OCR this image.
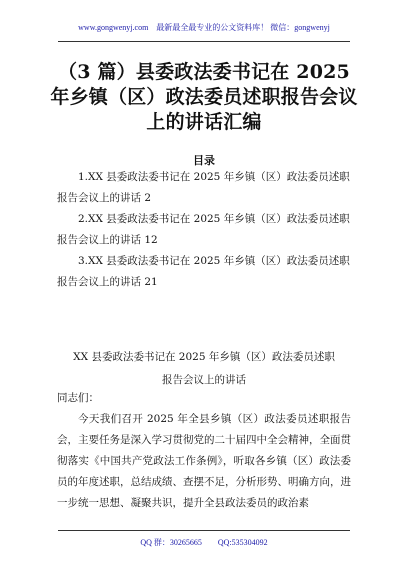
www.gongwenyj.com　最新最全最专业的公文资料库！ 微信：gongwenyj
（3 篇）县委政法委书记在 2025 年乡镇（区）政法委员述职报告会议上的讲话汇编
目录

1.XX 县委政法委书记在 2025 年乡镇（区）政法委员述职报告会议上的讲话 2

2.XX 县委政法委书记在 2025 年乡镇（区）政法委员述职报告会议上的讲话 12

3.XX 县委政法委书记在 2025 年乡镇（区）政法委员述职报告会议上的讲话 21

XX 县委政法委书记在 2025 年乡镇（区）政法委员述职报告会议上的讲话

同志们：

今天我们召开 2025 年全县乡镇（区）政法委员述职报告会，主要任务是深入学习贯彻党的二十届四中全会精神，全面贯彻落实《中国共产党政法工作条例》，听取各乡镇（区）政法委员的年度述职，总结成绩、查摆不足，分析形势、明确方向，进一步统一思想、凝聚共识，提升全县政法委员的政治素

QQ 群：30265665 QQ:535304092
